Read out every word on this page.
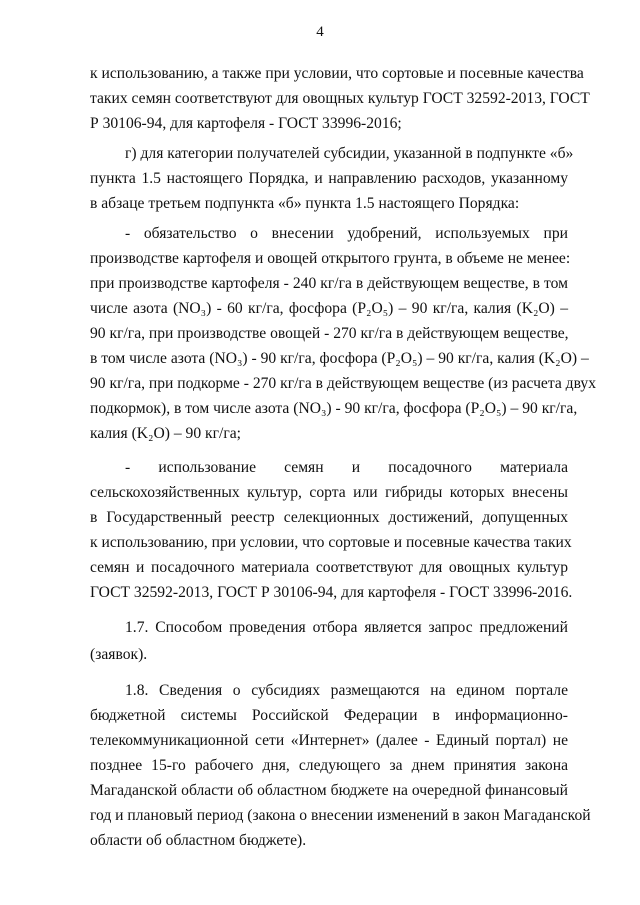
4
к использованию, а также при условии, что сортовые и посевные качества
таких семян соответствуют для овощных культур ГОСТ 32592-2013, ГОСТ
Р 30106-94, для картофеля - ГОСТ 33996-2016;
г) для категории получателей субсидии, указанной в подпункте «б»
пункта 1.5 настоящего Порядка, и направлению расходов, указанному
в абзаце третьем подпункта «б» пункта 1.5 настоящего Порядка:
- обязательство о внесении удобрений, используемых при
производстве картофеля и овощей открытого грунта, в объеме не менее:
при производстве картофеля - 240 кг/га в действующем веществе, в том
числе азота (NO₃) - 60 кг/га, фосфора (P₂O₅) – 90 кг/га, калия (K₂O) –
90 кг/га, при производстве овощей - 270 кг/га в действующем веществе,
в том числе азота (NO₃) - 90 кг/га, фосфора (P₂O₅) – 90 кг/га, калия (K₂O) –
90 кг/га, при подкорме - 270 кг/га в действующем веществе (из расчета двух
подкормок), в том числе азота (NO₃) - 90 кг/га, фосфора (P₂O₅) – 90 кг/га,
калия (K₂O) – 90 кг/га;
- использование семян и посадочного материала
сельскохозяйственных культур, сорта или гибриды которых внесены
в Государственный реестр селекционных достижений, допущенных
к использованию, при условии, что сортовые и посевные качества таких
семян и посадочного материала соответствуют для овощных культур
ГОСТ 32592-2013, ГОСТ Р 30106-94, для картофеля - ГОСТ 33996-2016.
1.7. Способом проведения отбора является запрос предложений
(заявок).
1.8. Сведения о субсидиях размещаются на едином портале
бюджетной системы Российской Федерации в информационно-
телекоммуникационной сети «Интернет» (далее - Единый портал) не
позднее 15-го рабочего дня, следующего за днем принятия закона
Магаданской области об областном бюджете на очередной финансовый
год и плановый период (закона о внесении изменений в закон Магаданской
области об областном бюджете).
